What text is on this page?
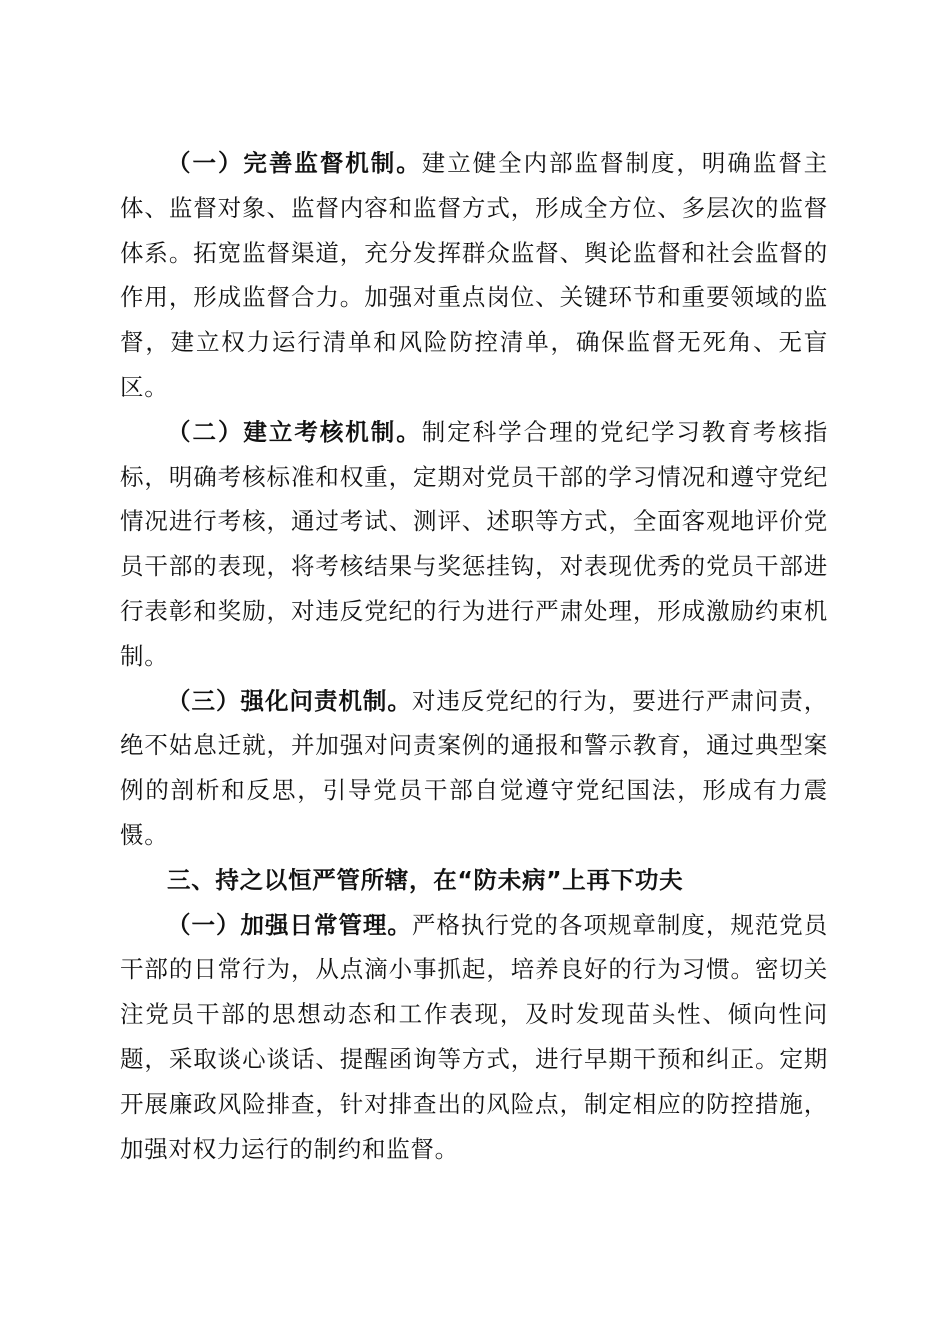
（一）完善监督机制。建立健全内部监督制度，明确监督主体、监督对象、监督内容和监督方式，形成全方位、多层次的监督体系。拓宽监督渠道，充分发挥群众监督、舆论监督和社会监督的作用，形成监督合力。加强对重点岗位、关键环节和重要领域的监督，建立权力运行清单和风险防控清单，确保监督无死角、无盲区。

（二）建立考核机制。制定科学合理的党纪学习教育考核指标，明确考核标准和权重，定期对党员干部的学习情况和遵守党纪情况进行考核，通过考试、测评、述职等方式，全面客观地评价党员干部的表现，将考核结果与奖惩挂钩，对表现优秀的党员干部进行表彰和奖励，对违反党纪的行为进行严肃处理，形成激励约束机制。

（三）强化问责机制。对违反党纪的行为，要进行严肃问责，绝不姑息迁就，并加强对问责案例的通报和警示教育，通过典型案例的剖析和反思，引导党员干部自觉遵守党纪国法，形成有力震慑。

三、持之以恒严管所辖，在“防未病”上再下功夫

（一）加强日常管理。严格执行党的各项规章制度，规范党员干部的日常行为，从点滴小事抓起，培养良好的行为习惯。密切关注党员干部的思想动态和工作表现，及时发现苗头性、倾向性问题，采取谈心谈话、提醒函询等方式，进行早期干预和纠正。定期开展廉政风险排查，针对排查出的风险点，制定相应的防控措施，加强对权力运行的制约和监督。
